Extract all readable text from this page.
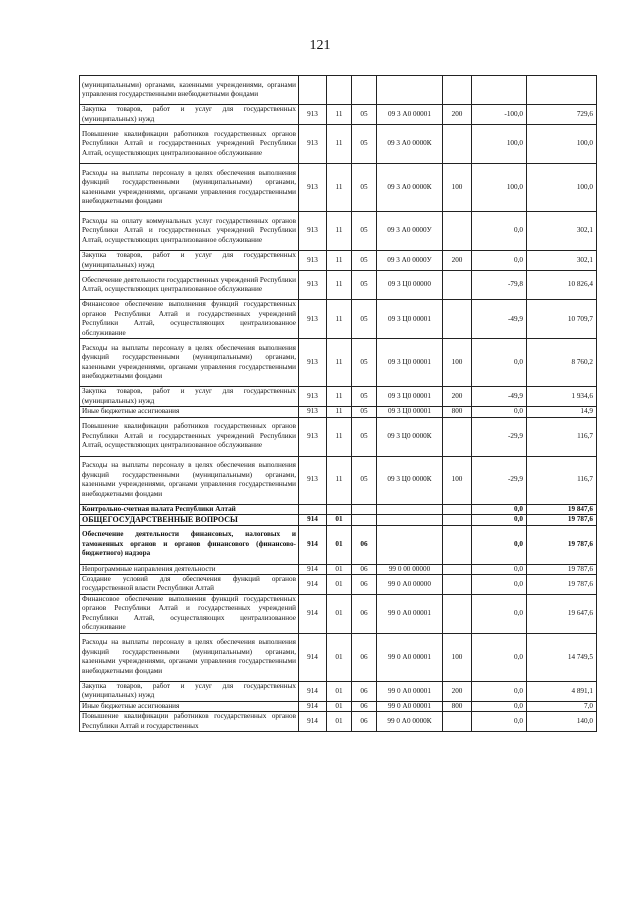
121
(муниципальными) органами, казенными учреждениями, органами управления государственными внебюджетными фондами							
Закупка товаров, работ и услуг для государственных (муниципальных) нужд	913	11	05	09 3 А0 00001	200	-100,0	729,6
Повышение квалификации работников государственных органов Республики Алтай и государственных учреждений Республики Алтай, осуществляющих централизованное обслуживание	913	11	05	09 3 А0 0000К		100,0	100,0
Расходы на выплаты персоналу в целях обеспечения выполнения функций государственными (муниципальными) органами, казенными учреждениями, органами управления государственными внебюджетными фондами	913	11	05	09 3 А0 0000К	100	100,0	100,0
Расходы на оплату коммунальных услуг государственных органов Республики Алтай и государственных учреждений Республики Алтай, осуществляющих централизованное обслуживание	913	11	05	09 3 А0 0000У		0,0	302,1
Закупка товаров, работ и услуг для государственных (муниципальных) нужд	913	11	05	09 3 А0 0000У	200	0,0	302,1
Обеспечение деятельности государственных учреждений Республики Алтай, осуществляющих централизованное обслуживание	913	11	05	09 3 Ц0 00000		-79,8	10 826,4
Финансовое обеспечение выполнения функций государственных органов Республики Алтай и государственных учреждений Республики Алтай, осуществляющих централизованное обслуживание	913	11	05	09 3 Ц0 00001		-49,9	10 709,7
Расходы на выплаты персоналу в целях обеспечения выполнения функций государственными (муниципальными) органами, казенными учреждениями, органами управления государственными внебюджетными фондами	913	11	05	09 3 Ц0 00001	100	0,0	8 760,2
Закупка товаров, работ и услуг для государственных (муниципальных) нужд	913	11	05	09 3 Ц0 00001	200	-49,9	1 934,6
Иные бюджетные ассигнования	913	11	05	09 3 Ц0 00001	800	0,0	14,9
Повышение квалификации работников государственных органов Республики Алтай и государственных учреждений Республики Алтай, осуществляющих централизованное обслуживание	913	11	05	09 3 Ц0 0000К		-29,9	116,7
Расходы на выплаты персоналу в целях обеспечения выполнения функций государственными (муниципальными) органами, казенными учреждениями, органами управления государственными внебюджетными фондами	913	11	05	09 3 Ц0 0000К	100	-29,9	116,7
Контрольно-счетная палата Республики Алтай						0,0	19 847,6
ОБЩЕГОСУДАРСТВЕННЫЕ ВОПРОСЫ	914	01				0,0	19 787,6
Обеспечение деятельности финансовых, налоговых и таможенных органов и органов финансового (финансово-бюджетного) надзора	914	01	06			0,0	19 787,6
Непрограммные направления деятельности	914	01	06	99 0 00 00000		0,0	19 787,6
Создание условий для обеспечения функций органов государственной власти Республики Алтай	914	01	06	99 0 А0 00000		0,0	19 787,6
Финансовое обеспечение выполнения функций государственных органов Республики Алтай и государственных учреждений Республики Алтай, осуществляющих централизованное обслуживание	914	01	06	99 0 А0 00001		0,0	19 647,6
Расходы на выплаты персоналу в целях обеспечения выполнения функций государственными (муниципальными) органами, казенными учреждениями, органами управления государственными внебюджетными фондами	914	01	06	99 0 А0 00001	100	0,0	14 749,5
Закупка товаров, работ и услуг для государственных (муниципальных) нужд	914	01	06	99 0 А0 00001	200	0,0	4 891,1
Иные бюджетные ассигнования	914	01	06	99 0 А0 00001	800	0,0	7,0
Повышение квалификации работников государственных органов Республики Алтай и государственных	914	01	06	99 0 А0 0000К		0,0	140,0
